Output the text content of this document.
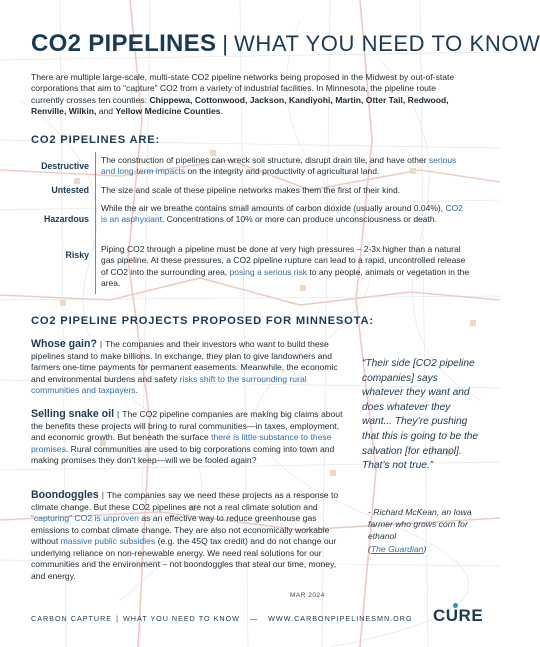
CO2 PIPELINES | WHAT YOU NEED TO KNOW

There are multiple large-scale, multi-state CO2 pipeline networks being proposed in the Midwest by out-of-state corporations that aim to “capture” CO2 from a variety of industrial facilities. In Minnesota, the pipeline route currently crosses ten counties: Chippewa, Cottonwood, Jackson, Kandiyohi, Martin, Otter Tail, Redwood, Renville, Wilkin, and Yellow Medicine Counties.

CO2 PIPELINES ARE:
Destructive
The construction of pipelines can wreck soil structure, disrupt drain tile, and have other serious and long-term impacts on the integrity and productivity of agricultural land.
Untested The size and scale of these pipeline networks makes them the first of their kind.
Hazardous
While the air we breathe contains small amounts of carbon dioxide (usually around 0.04%), CO2 is an asphyxiant. Concentrations of 10% or more can produce unconsciousness or death.
Risky
Piping CO2 through a pipeline must be done at very high pressures – 2-3x higher than a natural gas pipeline. At these pressures, a CO2 pipeline rupture can lead to a rapid, uncontrolled release of CO2 into the surrounding area, posing a serious risk to any people, animals or vegetation in the area.
CO2 PIPELINE PROJECTS PROPOSED FOR MINNESOTA:
Whose gain? | The companies and their investors who want to build these pipelines stand to make billions. In exchange, they plan to give landowners and farmers one-time payments for permanent easements. Meanwhile, the economic and environmental burdens and safety risks shift to the surrounding rural communities and taxpayers.
Selling snake oil | The CO2 pipeline companies are making big claims about the benefits these projects will bring to rural communities—in taxes, employment, and economic growth. But beneath the surface there is little substance to these promises. Rural communities are used to big corporations coming into town and making promises they don’t keep—will we be fooled again?
Boondoggles | The companies say we need these projects as a response to climate change. But these CO2 pipelines are not a real climate solution and “capturing” CO2 is unproven as an effective way to reduce greenhouse gas emissions to combat climate change. They are also not economically workable without massive public subsidies (e.g. the 45Q tax credit) and do not change our underlying reliance on non-renewable energy. We need real solutions for our communities and the environment – not boondoggles that steal our time, money, and energy.
“Their side [CO2 pipeline companies] says whatever they want and does whatever they want... They’re pushing that this is going to be the salvation [for ethanol]. That’s not true.”
- Richard McKean, an Iowa farmer who grows corn for ethanol
(The Guardian)
MAR 2024
CARBON CAPTURE | WHAT YOU NEED TO KNOW — WWW.CARBONPIPELINESMN.ORG CURE
